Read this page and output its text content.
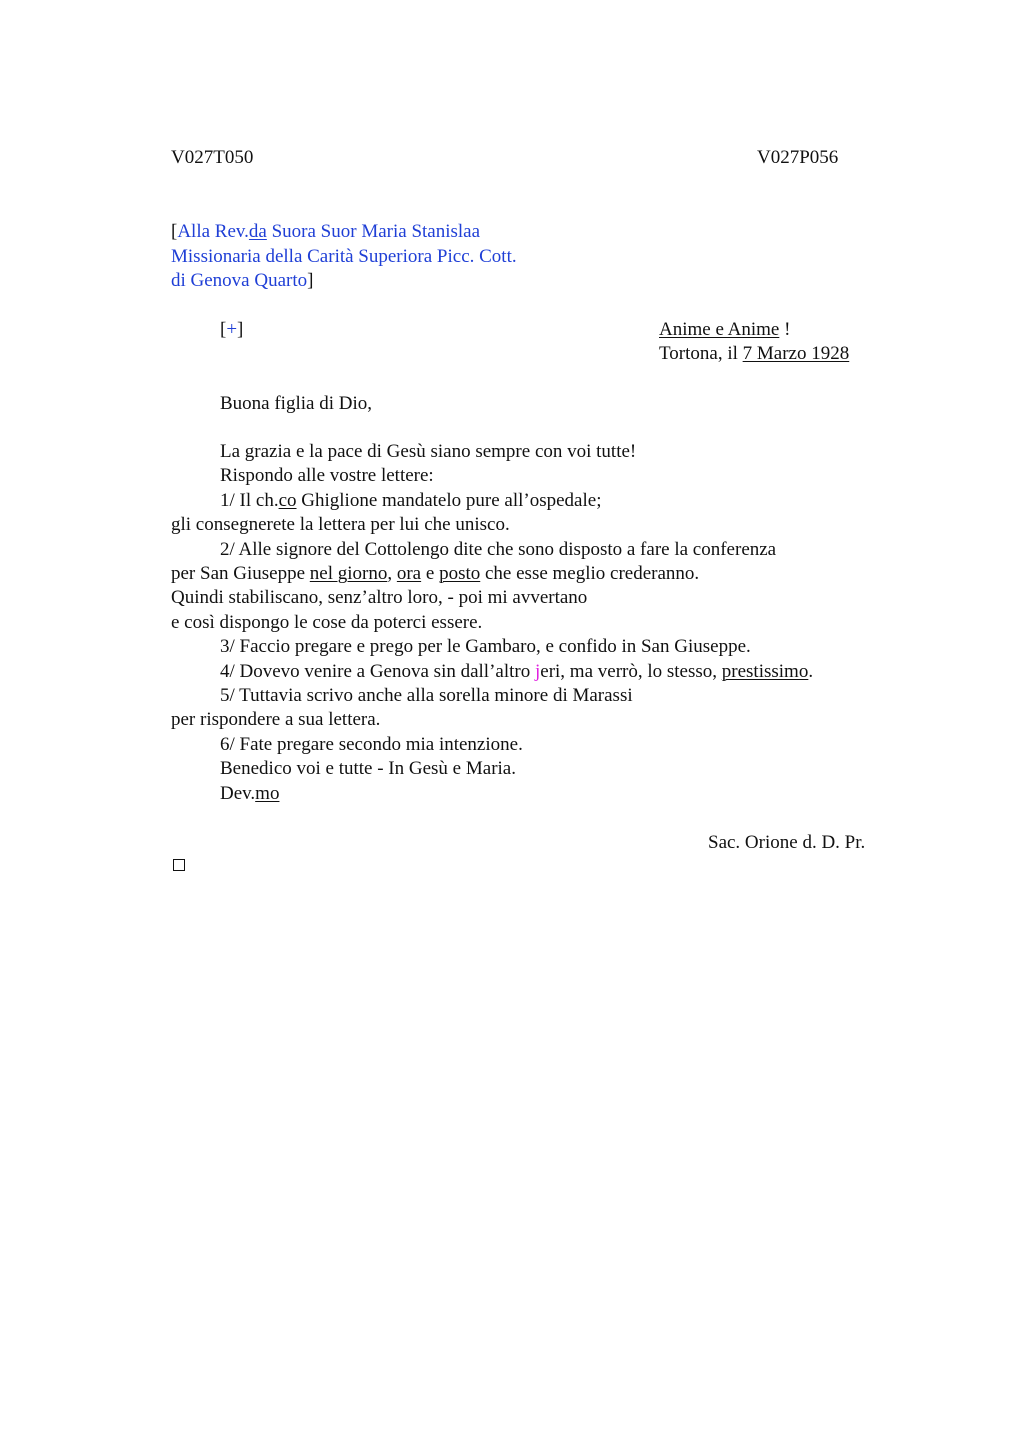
V027T050	V027P056
[Alla Rev.da Suora Suor Maria Stanislaa
Missionaria della Carità Superiora Picc. Cott.
di Genova Quarto]
[+]	Anime e Anime !
Tortona, il 7 Marzo 1928
Buona figlia di Dio,
La grazia e la pace di Gesù siano sempre con voi tutte!
Rispondo alle vostre lettere:
1/ Il ch.co Ghiglione mandatelo pure all’ospedale;
gli consegnerete la lettera per lui che unisco.
2/ Alle signore del Cottolengo dite che sono disposto a fare la conferenza
per San Giuseppe nel giorno, ora e posto che esse meglio crederanno.
Quindi stabiliscano, senz’altro loro, - poi mi avvertano
e così dispongo le cose da poterci essere.
3/ Faccio pregare e prego per le Gambaro, e confido in San Giuseppe.
4/ Dovevo venire a Genova sin dall’altro jeri, ma verrò, lo stesso, prestissimo.
5/ Tuttavia scrivo anche alla sorella minore di Marassi
per rispondere a sua lettera.
6/ Fate pregare secondo mia intenzione.
Benedico voi e tutte - In Gesù e Maria.
Dev.mo
Sac. Orione d. D. Pr.
